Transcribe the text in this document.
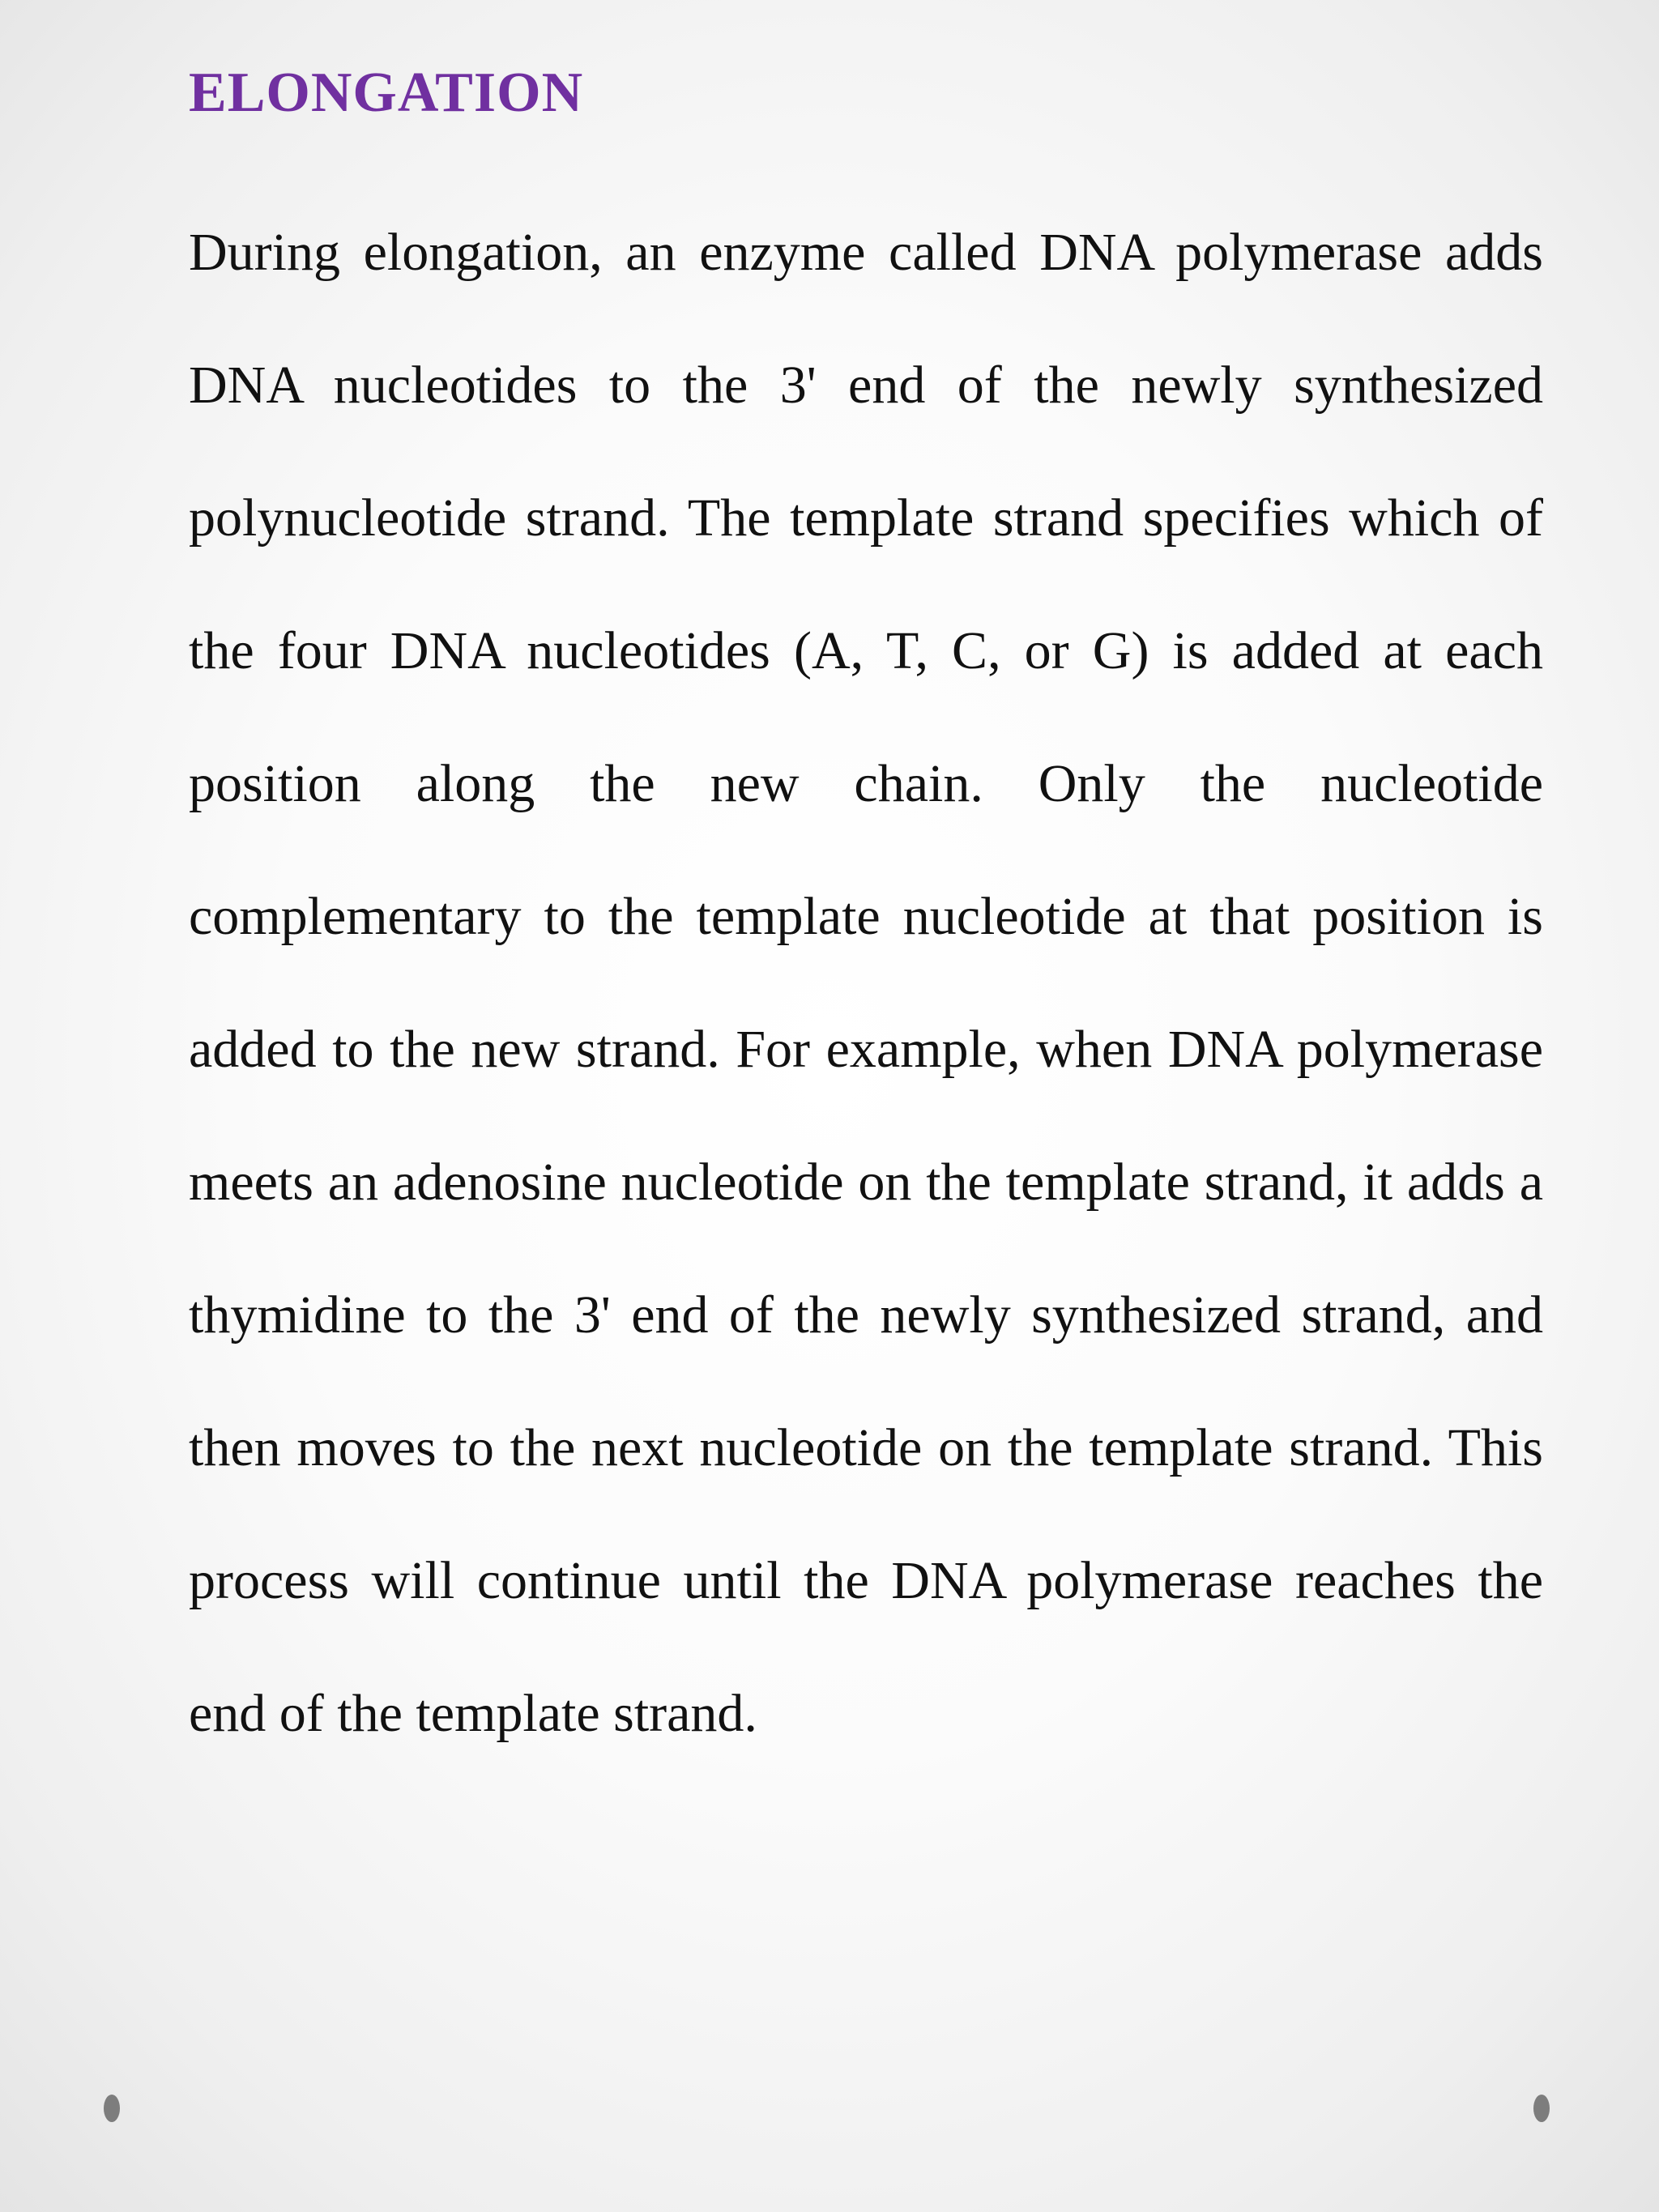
ELONGATION

During elongation, an enzyme called DNA polymerase adds DNA nucleotides to the 3' end of the newly synthesized polynucleotide strand. The template strand specifies which of the four DNA nucleotides (A, T, C, or G) is added at each position along the new chain. Only the nucleotide complementary to the template nucleotide at that position is added to the new strand. For example, when DNA polymerase meets an adenosine nucleotide on the template strand, it adds a thymidine to the 3' end of the newly synthesized strand, and then moves to the next nucleotide on the template strand. This process will continue until the DNA polymerase reaches the end of the template strand.
